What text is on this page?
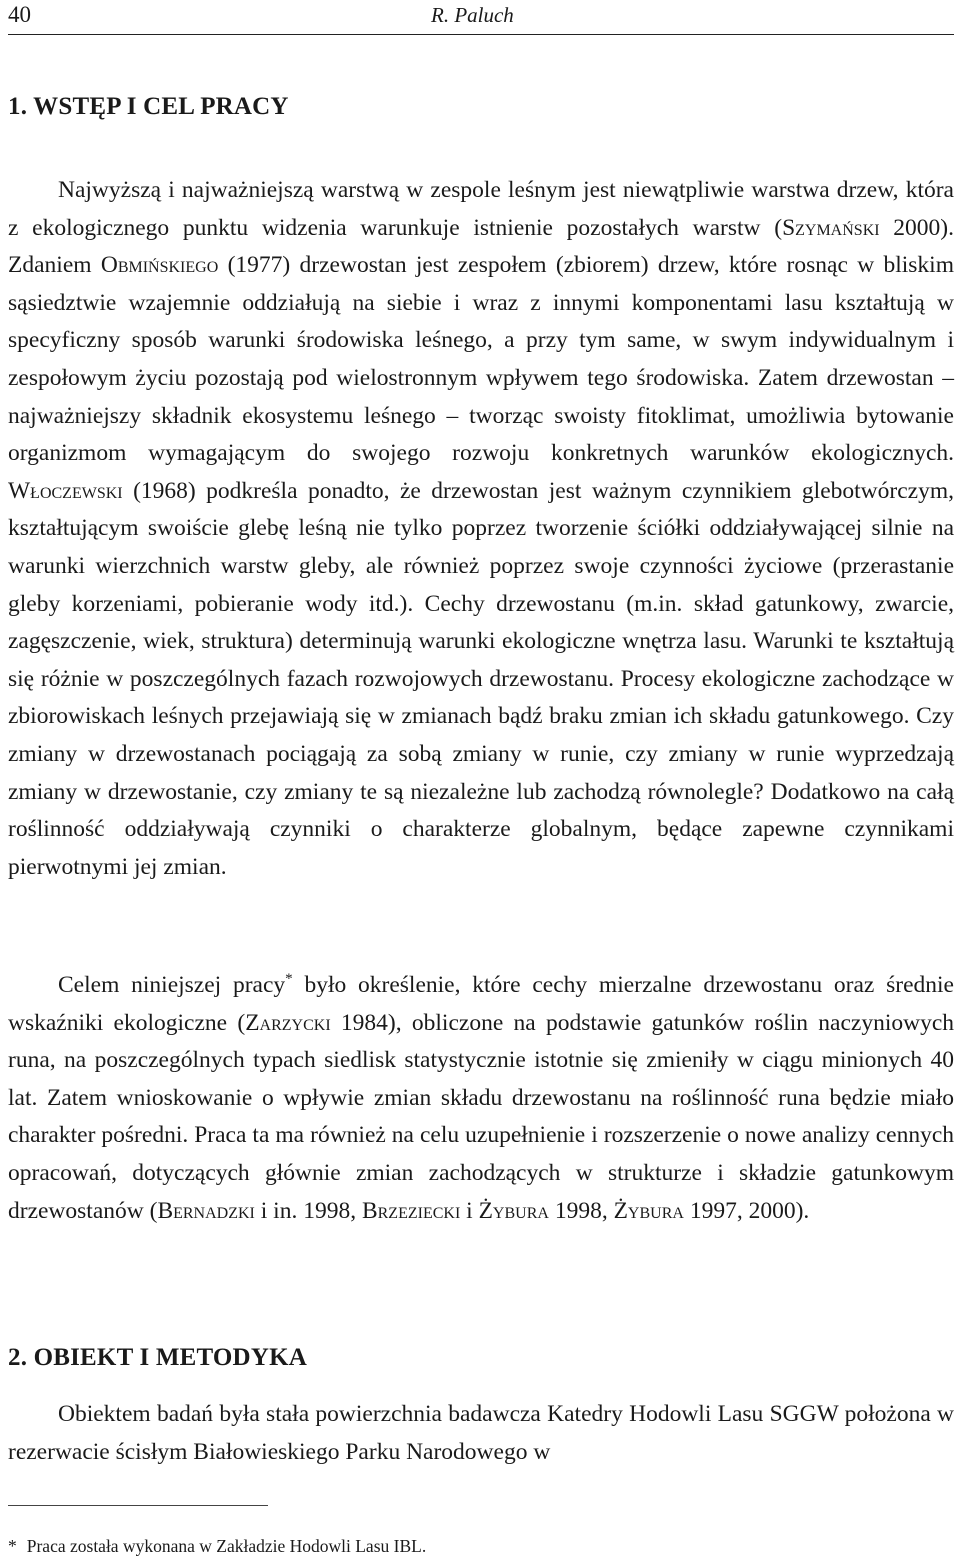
40	R. Paluch
1. WSTĘP I CEL PRACY

Najwyższą i najważniejszą warstwą w zespole leśnym jest niewątpliwie warstwa drzew, która z ekologicznego punktu widzenia warunkuje istnienie pozostałych warstw (Szymański 2000). Zdaniem Obmińskiego (1977) drzewostan jest zespołem (zbiorem) drzew, które rosnąc w bliskim sąsiedztwie wzajemnie oddziałują na siebie i wraz z innymi komponentami lasu kształtują w specyficzny sposób warunki środowiska leśnego, a przy tym same, w swym indywidualnym i zespołowym życiu pozostają pod wielostronnym wpływem tego środowiska. Zatem drzewostan – najważniejszy składnik ekosystemu leśnego – tworząc swoisty fitoklimat, umożliwia bytowanie organizmom wymagającym do swojego rozwoju konkretnych warunków ekologicznych. Włoczewski (1968) podkreśla ponadto, że drzewostan jest ważnym czynnikiem glebotwórczym, kształtującym swoiście glebę leśną nie tylko poprzez tworzenie ściółki oddziaływającej silnie na warunki wierzchnich warstw gleby, ale również poprzez swoje czynności życiowe (przerastanie gleby korzeniami, pobieranie wody itd.). Cechy drzewostanu (m.in. skład gatunkowy, zwarcie, zagęszczenie, wiek, struktura) determinują warunki ekologiczne wnętrza lasu. Warunki te kształtują się różnie w poszczególnych fazach rozwojowych drzewostanu. Procesy ekologiczne zachodzące w zbiorowiskach leśnych przejawiają się w zmianach bądź braku zmian ich składu gatunkowego. Czy zmiany w drzewostanach pociągają za sobą zmiany w runie, czy zmiany w runie wyprzedzają zmiany w drzewostanie, czy zmiany te są niezależne lub zachodzą równolegle? Dodatkowo na całą roślinność oddziaływają czynniki o charakterze globalnym, będące zapewne czynnikami pierwotnymi jej zmian.

Celem niniejszej pracy* było określenie, które cechy mierzalne drzewostanu oraz średnie wskaźniki ekologiczne (Zarzycki 1984), obliczone na podstawie gatunków roślin naczyniowych runa, na poszczególnych typach siedlisk statystycznie istotnie się zmieniły w ciągu minionych 40 lat. Zatem wnioskowanie o wpływie zmian składu drzewostanu na roślinność runa będzie miało charakter pośredni. Praca ta ma również na celu uzupełnienie i rozszerzenie o nowe analizy cennych opracowań, dotyczących głównie zmian zachodzących w strukturze i składzie gatunkowym drzewostanów (Bernadzki i in. 1998, Brzeziecki i Żybura 1998, Żybura 1997, 2000).

2. OBIEKT I METODYKA

Obiektem badań była stała powierzchnia badawcza Katedry Hodowli Lasu SGGW położona w rezerwacie ścisłym Białowieskiego Parku Narodowego w

* Praca została wykonana w Zakładzie Hodowli Lasu IBL.
